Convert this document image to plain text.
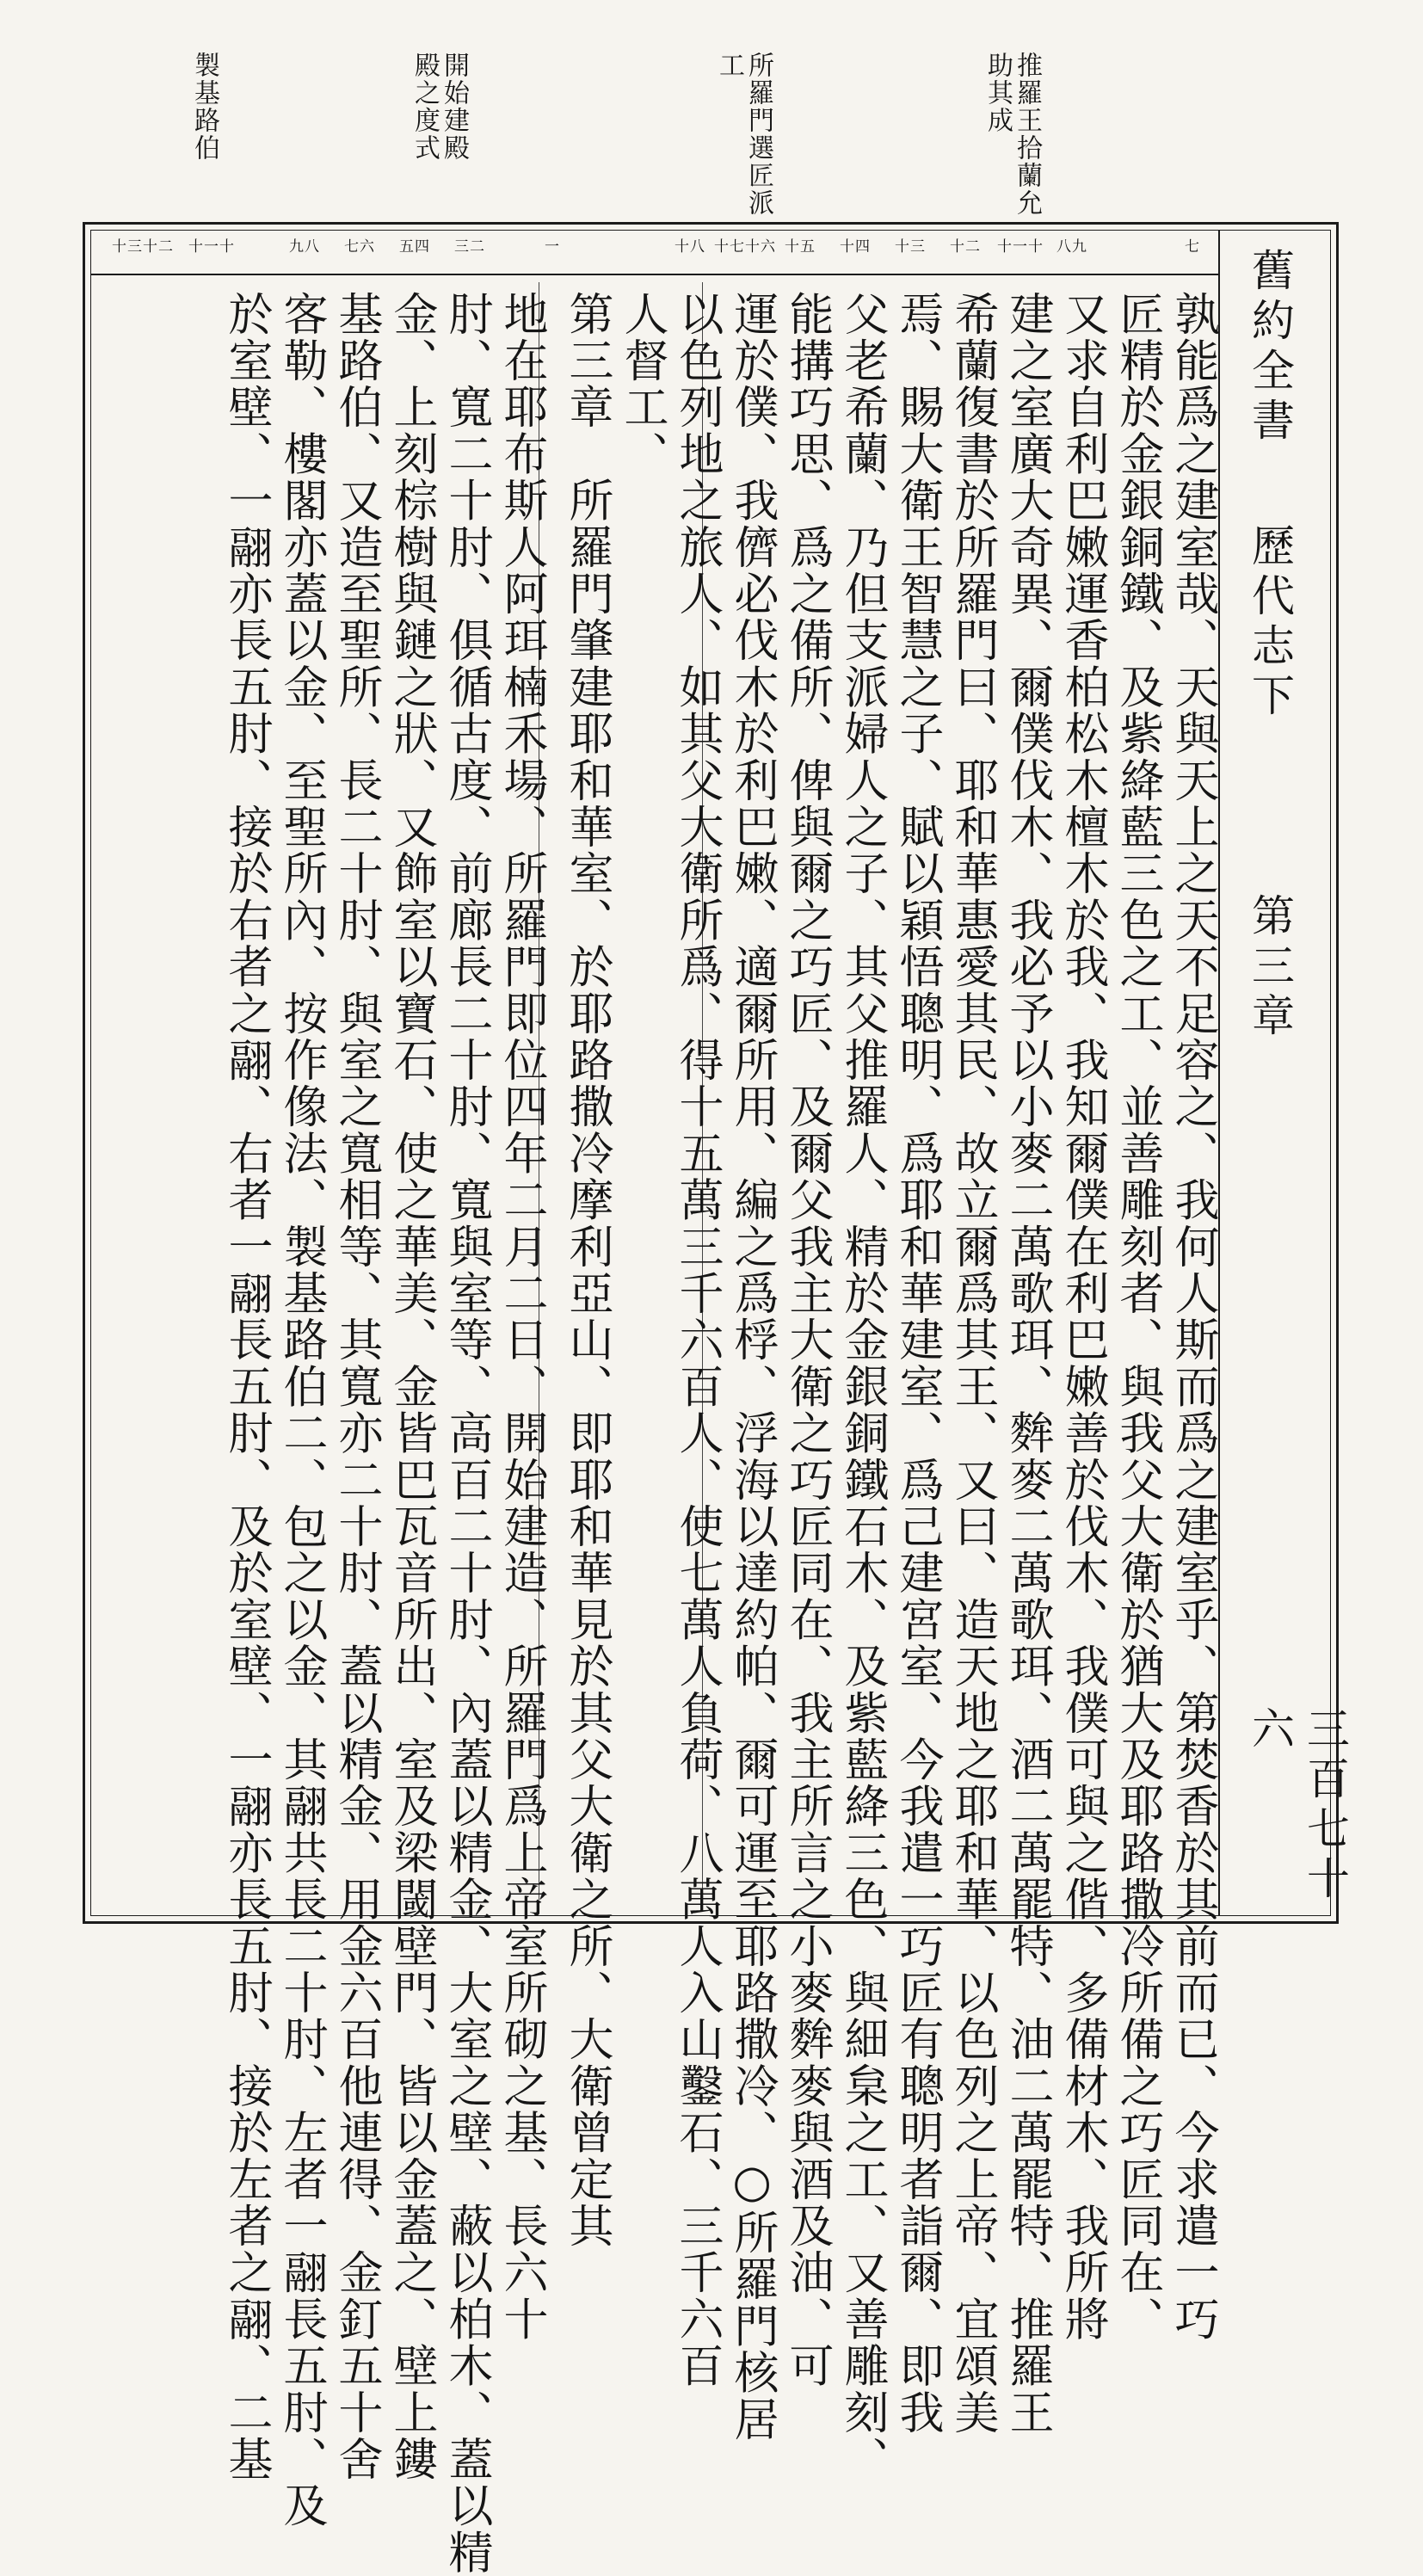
推羅王拾蘭允助其成
所羅門選匠派工
開始建殿殿之度式
製基路伯
舊約全書
歷代志下
第三章
三百七十六
七
八九
十一十
十二
十三
十四
十五
十七十六
十八
一
三二
五四
七六
九八
十一十
十三十二
孰能爲之建室哉、天與天上之天不足容之、我何人斯而爲之建室乎、第焚香於其前而已、今求遣一巧
匠精於金銀銅鐵、及紫絳藍三色之工、並善雕刻者、與我父大衛於猶大及耶路撒冷所備之巧匠同在、
又求自利巴嫩運香柏松木檀木於我、我知爾僕在利巴嫩善於伐木、我僕可與之偕、多備材木、我所將
建之室廣大奇異、爾僕伐木、我必予以小麥二萬歌珥、麰麥二萬歌珥、酒二萬罷特、油二萬罷特、推羅王
希蘭復書於所羅門曰、耶和華惠愛其民、故立爾爲其王、又曰、造天地之耶和華、以色列之上帝、宜頌美
焉、賜大衛王智慧之子、賦以穎悟聰明、爲耶和華建室、爲己建宮室、今我遣一巧匠有聰明者詣爾、即我
父老希蘭、乃但支派婦人之子、其父推羅人、精於金銀銅鐵石木、及紫藍絳三色、與細枲之工、又善雕刻、
能搆巧思、爲之備所、俾與爾之巧匠、及爾父我主大衛之巧匠同在、我主所言之小麥麰麥與酒及油、可
運於僕、我儕必伐木於利巴嫩、適爾所用、編之爲桴、浮海以達約帕、爾可運至耶路撒冷、○所羅門核居
以色列地之旅人、如其父大衛所爲、得十五萬三千六百人、使七萬人負荷、八萬人入山鑿石、三千六百
人督工、
第三章　所羅門肇建耶和華室、於耶路撒冷摩利亞山、即耶和華見於其父大衛之所、大衛曾定其
地在耶布斯人阿珥楠禾場、所羅門即位四年二月二日、開始建造、所羅門爲上帝室所砌之基、長六十
肘、寬二十肘、俱循古度、前廊長二十肘、寬與室等、高百二十肘、內蓋以精金、大室之壁、蔽以柏木、蓋以精
金、上刻棕樹與鏈之狀、又飾室以寶石、使之華美、金皆巴瓦音所出、室及梁閾壁門、皆以金蓋之、壁上鏤
基路伯、又造至聖所、長二十肘、與室之寬相等、其寬亦二十肘、蓋以精金、用金六百他連得、金釘五十舍
客勒、樓閣亦蓋以金、至聖所內、按作像法、製基路伯二、包之以金、其翮共長二十肘、左者一翮長五肘、及
於室壁、一翮亦長五肘、接於右者之翮、右者一翮長五肘、及於室壁、一翮亦長五肘、接於左者之翮、二基
